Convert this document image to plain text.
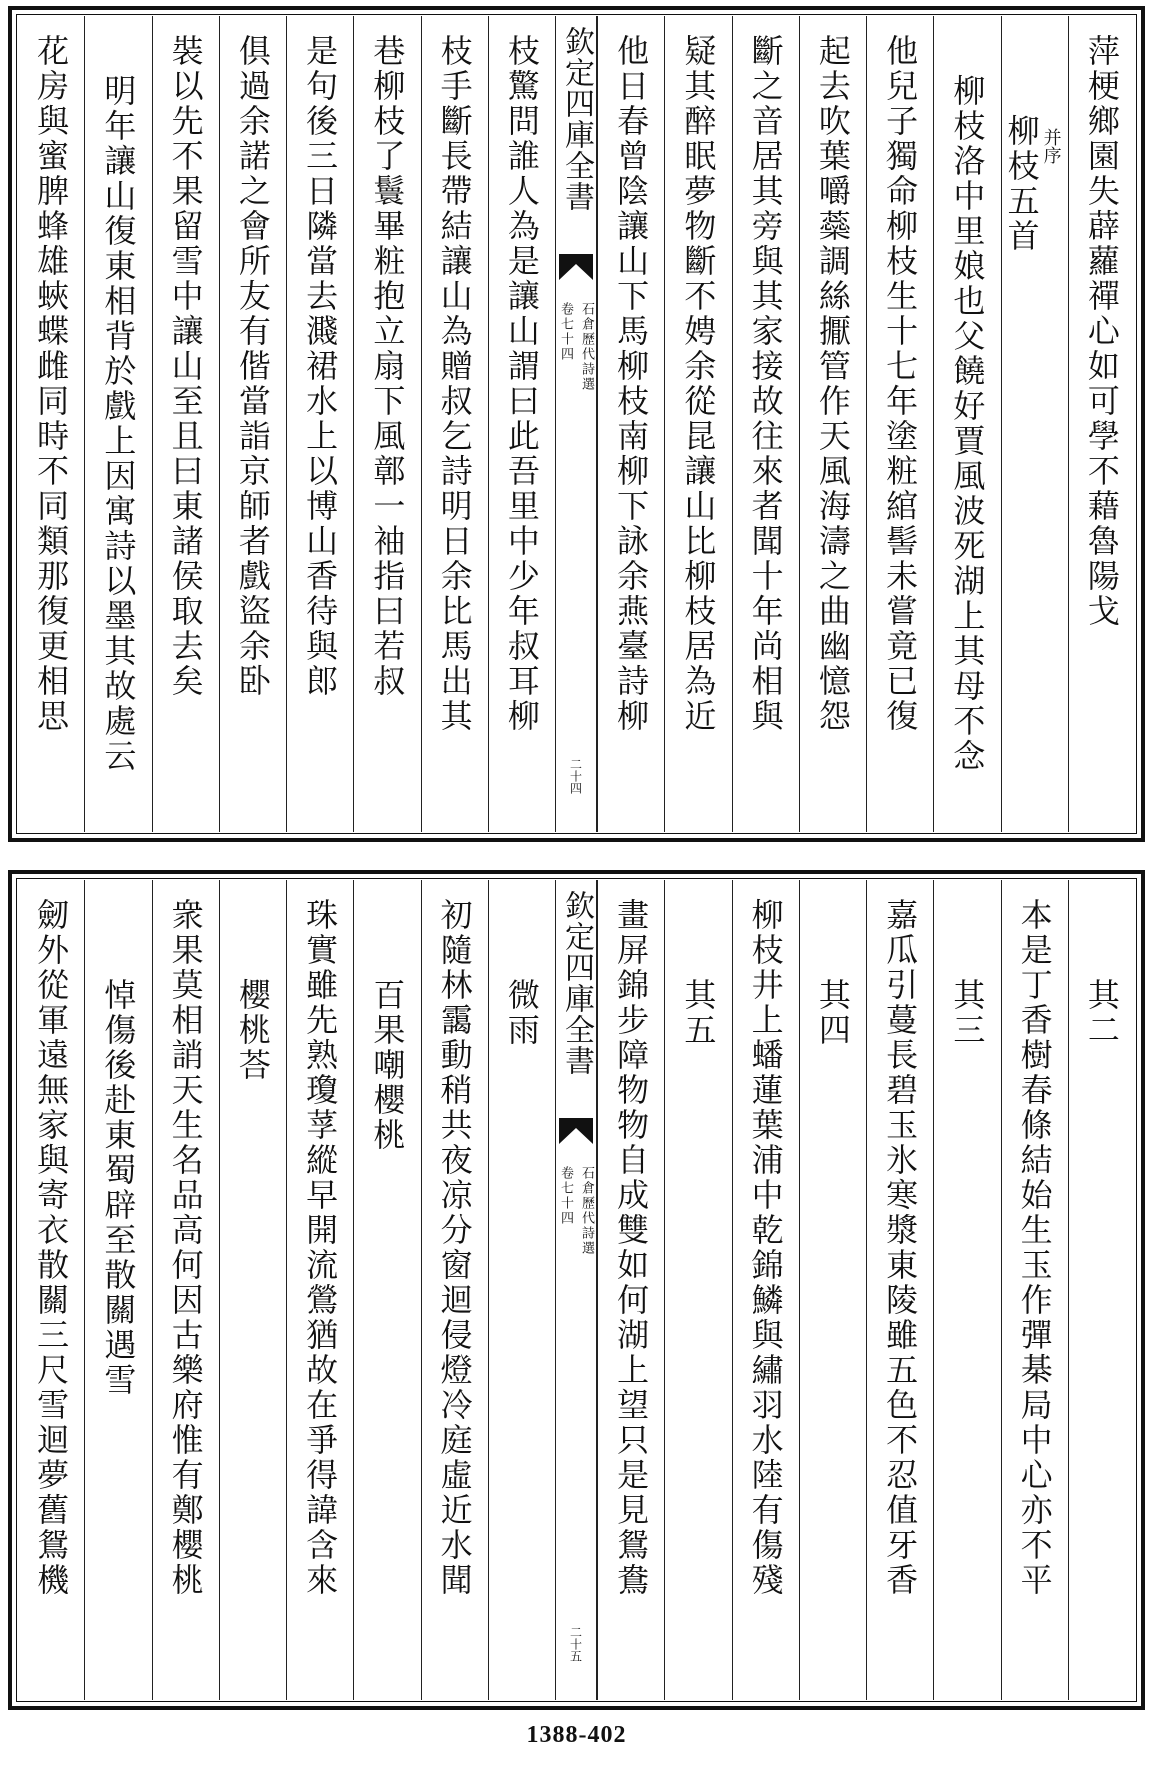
萍梗鄉園失薜蘿禪心如可學不藉魯陽戈
柳枝五首 并序
柳枝洛中里娘也父饒好賈風波死湖上其母不念
他兒子獨命柳枝生十七年塗粧綰髻未嘗竟已復
起去吹葉嚼蘂調絲擫管作天風海濤之曲幽憶怨
斷之音居其旁與其家接故往來者聞十年尚相與
疑其醉眠夢物斷不娉余從昆讓山比柳枝居為近
他日春曾陰讓山下馬柳枝南柳下詠余燕臺詩柳
欽定四庫全書
石倉歷代詩選
卷七十四
二十四
枝驚問誰人為是讓山謂曰此吾里中少年叔耳柳
枝手斷長帶結讓山為贈叔乞詩明日余比馬出其
巷柳枝了鬟畢粧抱立扇下風鄣一袖指曰若叔
是句後三日隣當去濺裙水上以博山香待與郎
俱過余諾之會所友有偕當詣京師者戲盜余卧
裝以先不果留雪中讓山至且曰東諸侯取去矣
明年讓山復東相背於戲上因寓詩以墨其故處云
花房與蜜脾蜂雄蛺蝶雌同時不同類那復更相思
其二
本是丁香樹春條結始生玉作彈棊局中心亦不平
其三
嘉瓜引蔓長碧玉氷寒漿東陵雖五色不忍值牙香
其四
柳枝井上蟠蓮葉浦中乾錦鱗與繡羽水陸有傷殘
其五
畫屏錦步障物物自成雙如何湖上望只是見鴛鴦
欽定四庫全書
石倉歷代詩選
卷七十四
二十五
微雨
初隨林靄動稍共夜凉分窗迴侵燈冷庭虛近水聞
百果嘲櫻桃
珠實雖先熟瓊莩縱早開流鶯猶故在爭得諱含來
櫻桃荅
衆果莫相誚天生名品高何因古樂府惟有鄭櫻桃
悼傷後赴東蜀辟至散關遇雪
劒外從軍遠無家與寄衣散關三尺雪迴夢舊鴛機
1388-402
